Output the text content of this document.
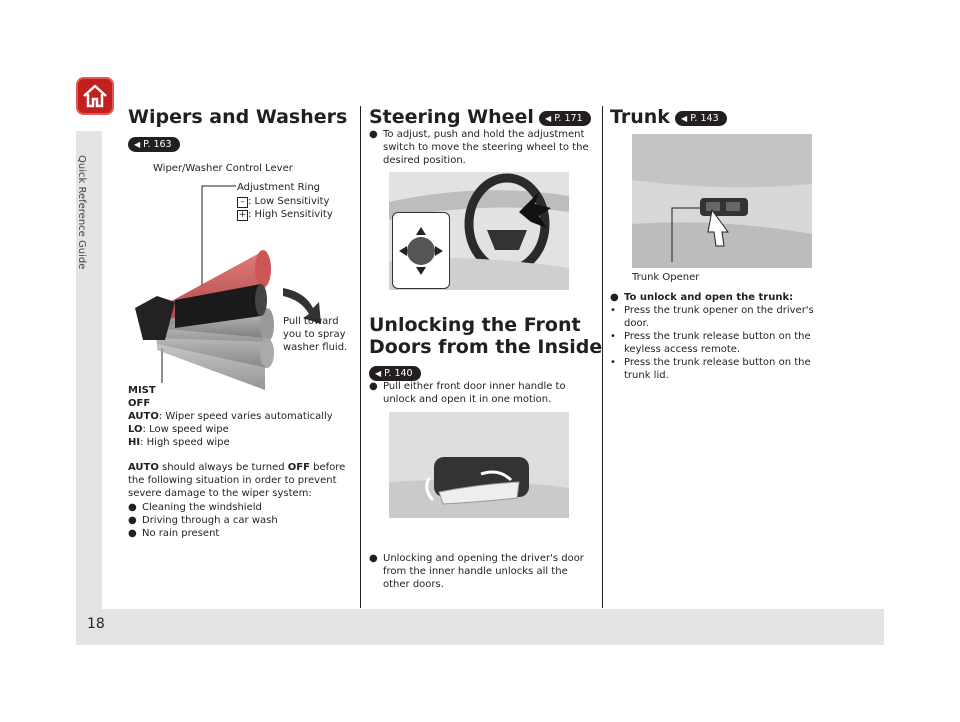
Quick Reference Guide
18
Wipers and Washers
◀ P. 163
Wiper/Washer Control Lever
Adjustment Ring
– : Low Sensitivity
+ : High Sensitivity
Pull toward
you to spray
washer fluid.
MIST
OFF
AUTO: Wiper speed varies automatically
LO: Low speed wipe
HI: High speed wipe
AUTO should always be turned OFF before the following situation in order to prevent severe damage to the wiper system:
● Cleaning the windshield
● Driving through a car wash
● No rain present
Steering Wheel ◀ P. 171
● To adjust, push and hold the adjustment switch to move the steering wheel to the desired position.
Unlocking the Front
Doors from the Inside
◀ P. 140
● Pull either front door inner handle to unlock and open it in one motion.
● Unlocking and opening the driver's door from the inner handle unlocks all the other doors.
Trunk ◀ P. 143
Trunk Opener
● To unlock and open the trunk:
• Press the trunk opener on the driver's door.
• Press the trunk release button on the keyless access remote.
• Press the trunk release button on the trunk lid.
